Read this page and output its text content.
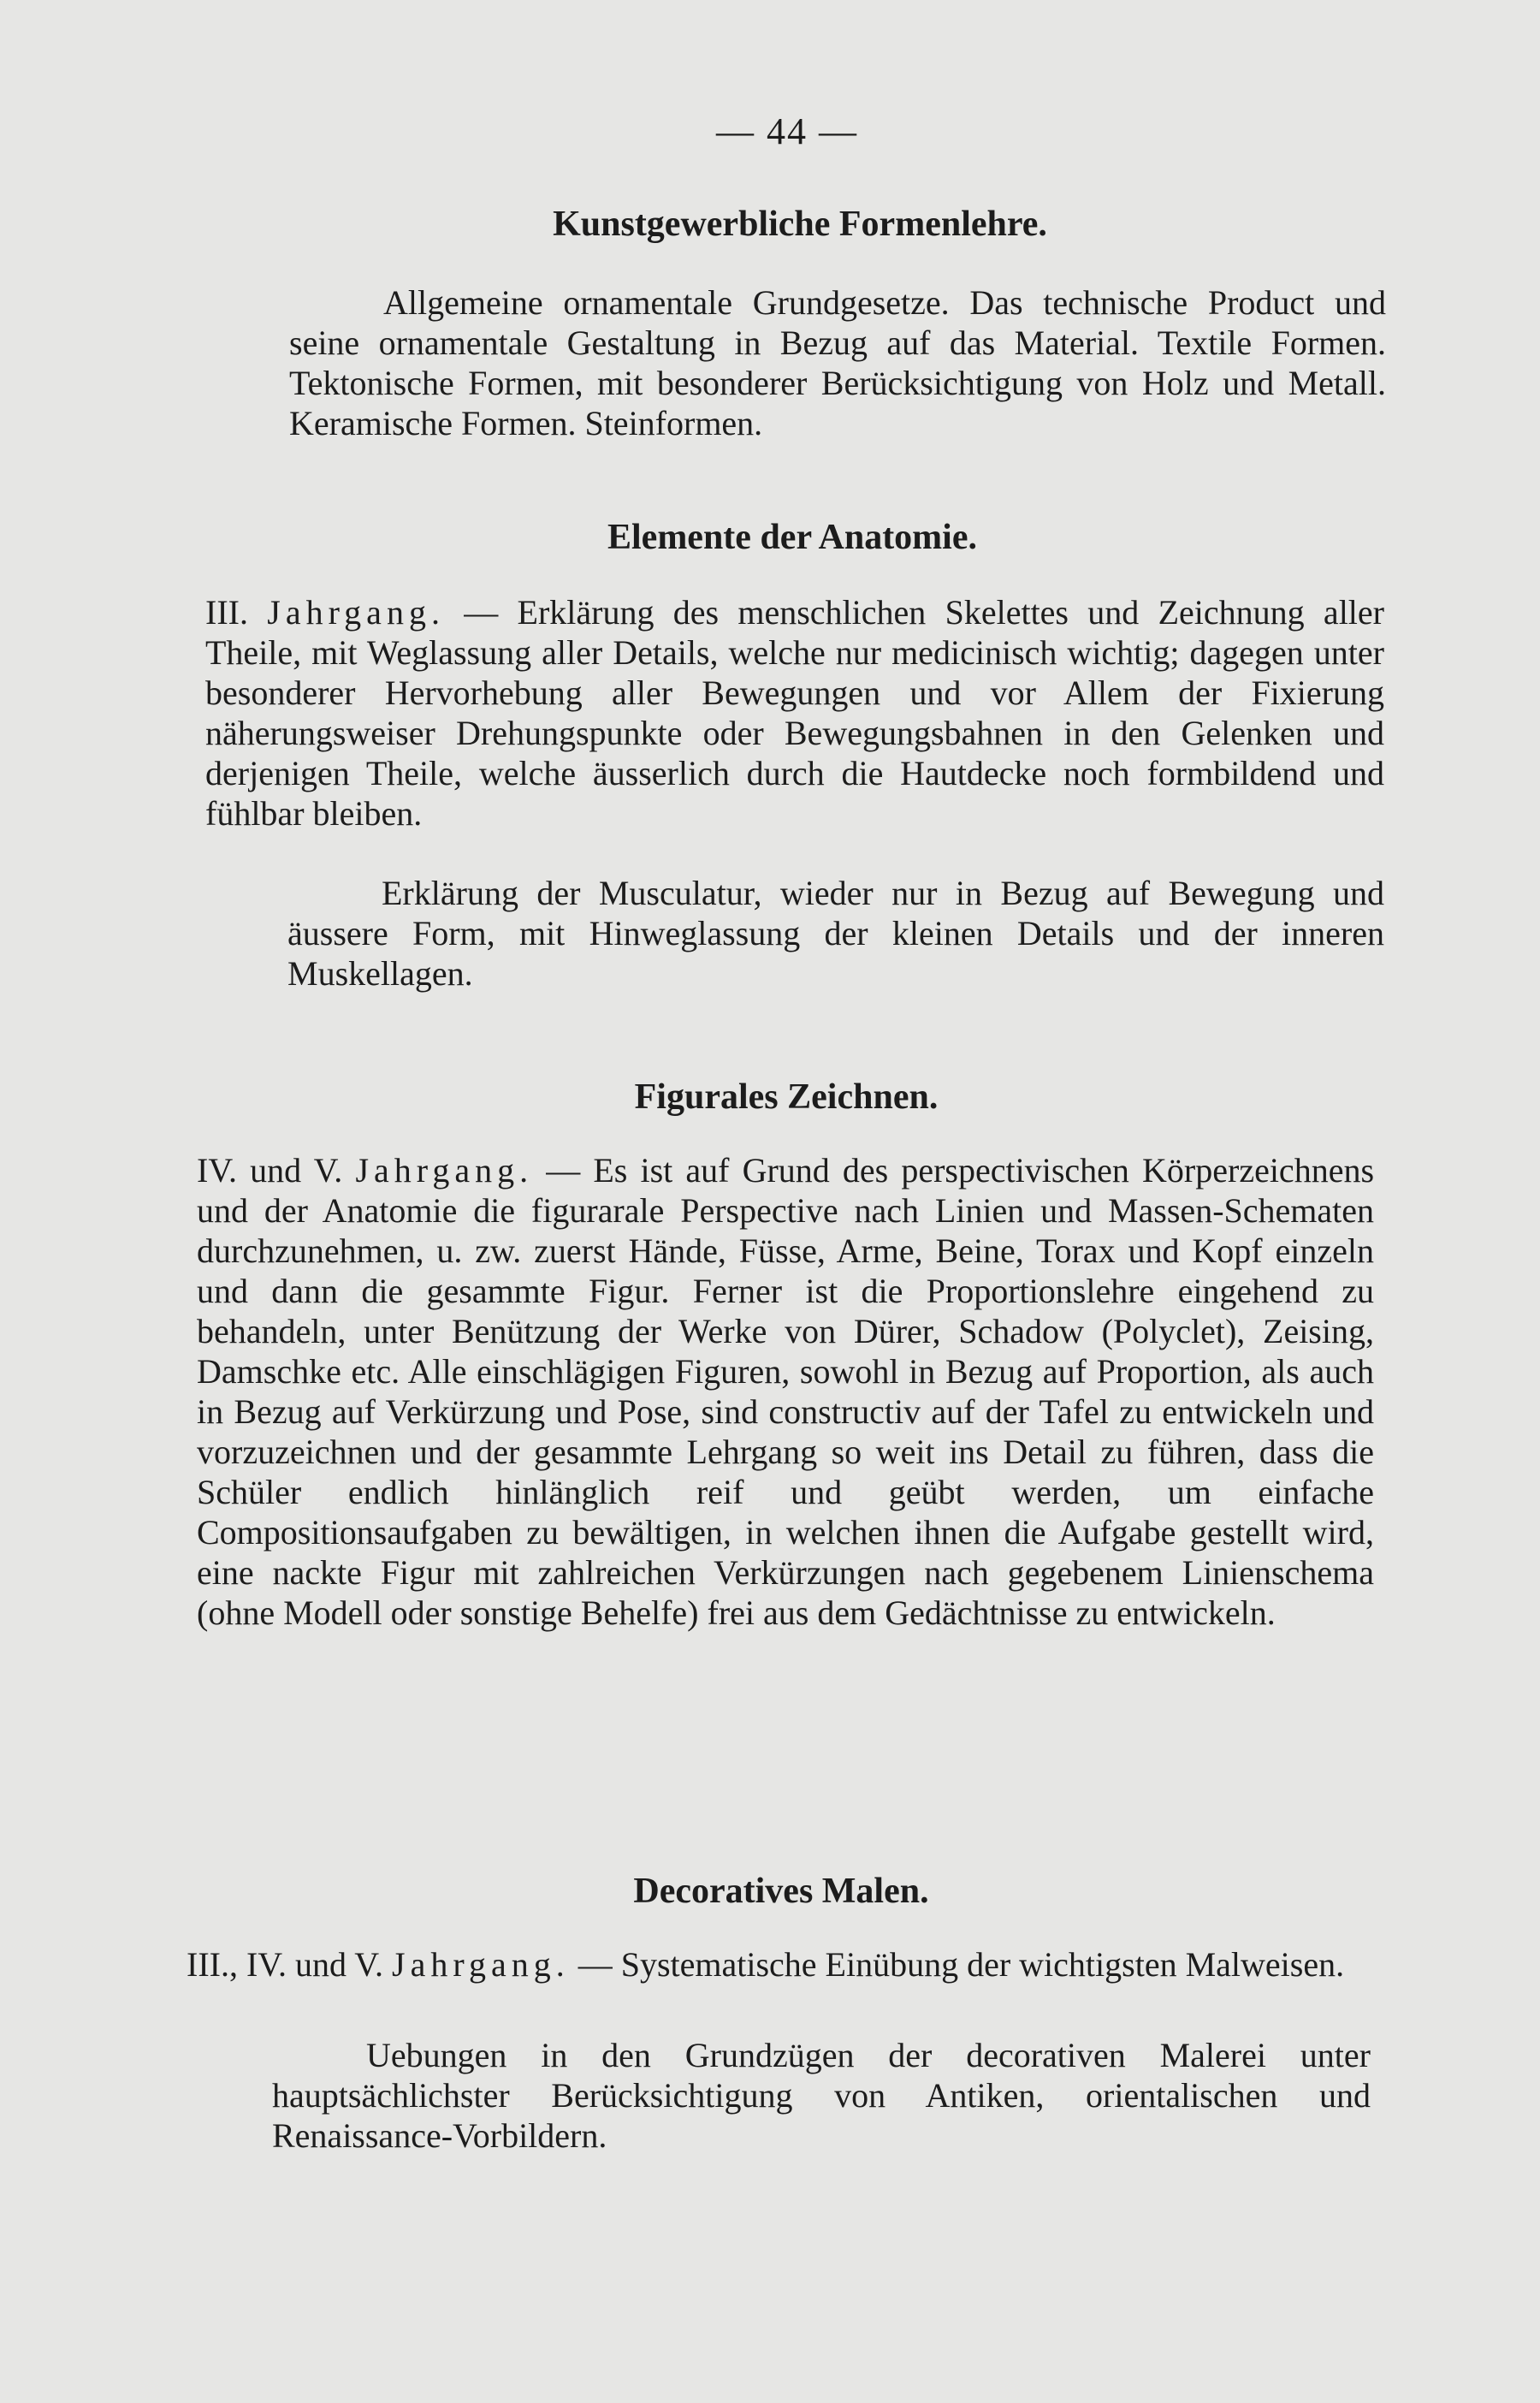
— 44 —
Kunstgewerbliche Formenlehre.

Allgemeine ornamentale Grundgesetze. Das technische Product und seine ornamentale Gestaltung in Bezug auf das Material. Textile Formen. Tektonische Formen, mit besonderer Berücksichtigung von Holz und Metall. Keramische Formen. Steinformen.

Elemente der Anatomie.

III. Jahrgang. — Erklärung des menschlichen Skelettes und Zeichnung aller Theile, mit Weglassung aller Details, welche nur medicinisch wichtig; dagegen unter besonderer Hervorhebung aller Bewegungen und vor Allem der Fixierung näherungsweiser Drehungspunkte oder Bewegungsbahnen in den Gelenken und derjenigen Theile, welche äusserlich durch die Hautdecke noch formbildend und fühlbar bleiben.

Erklärung der Musculatur, wieder nur in Bezug auf Bewegung und äussere Form, mit Hinweglassung der kleinen Details und der inneren Muskellagen.

Figurales Zeichnen.

IV. und V. Jahrgang. — Es ist auf Grund des perspectivischen Körperzeichnens und der Anatomie die figurarale Perspective nach Linien und Massen-Schematen durchzunehmen, u. zw. zuerst Hände, Füsse, Arme, Beine, Torax und Kopf einzeln und dann die gesammte Figur. Ferner ist die Proportionslehre eingehend zu behandeln, unter Benützung der Werke von Dürer, Schadow (Polyclet), Zeising, Damschke etc. Alle einschlägigen Figuren, sowohl in Bezug auf Proportion, als auch in Bezug auf Verkürzung und Pose, sind constructiv auf der Tafel zu entwickeln und vorzuzeichnen und der gesammte Lehrgang so weit ins Detail zu führen, dass die Schüler endlich hinlänglich reif und geübt werden, um einfache Compositionsaufgaben zu bewältigen, in welchen ihnen die Aufgabe gestellt wird, eine nackte Figur mit zahlreichen Verkürzungen nach gegebenem Linienschema (ohne Modell oder sonstige Behelfe) frei aus dem Gedächtnisse zu entwickeln.

Decoratives Malen.

III., IV. und V. Jahrgang. — Systematische Einübung der wichtigsten Malweisen.

Uebungen in den Grundzügen der decorativen Malerei unter hauptsächlichster Berücksichtigung von Antiken, orientalischen und Renaissance-Vorbildern.
